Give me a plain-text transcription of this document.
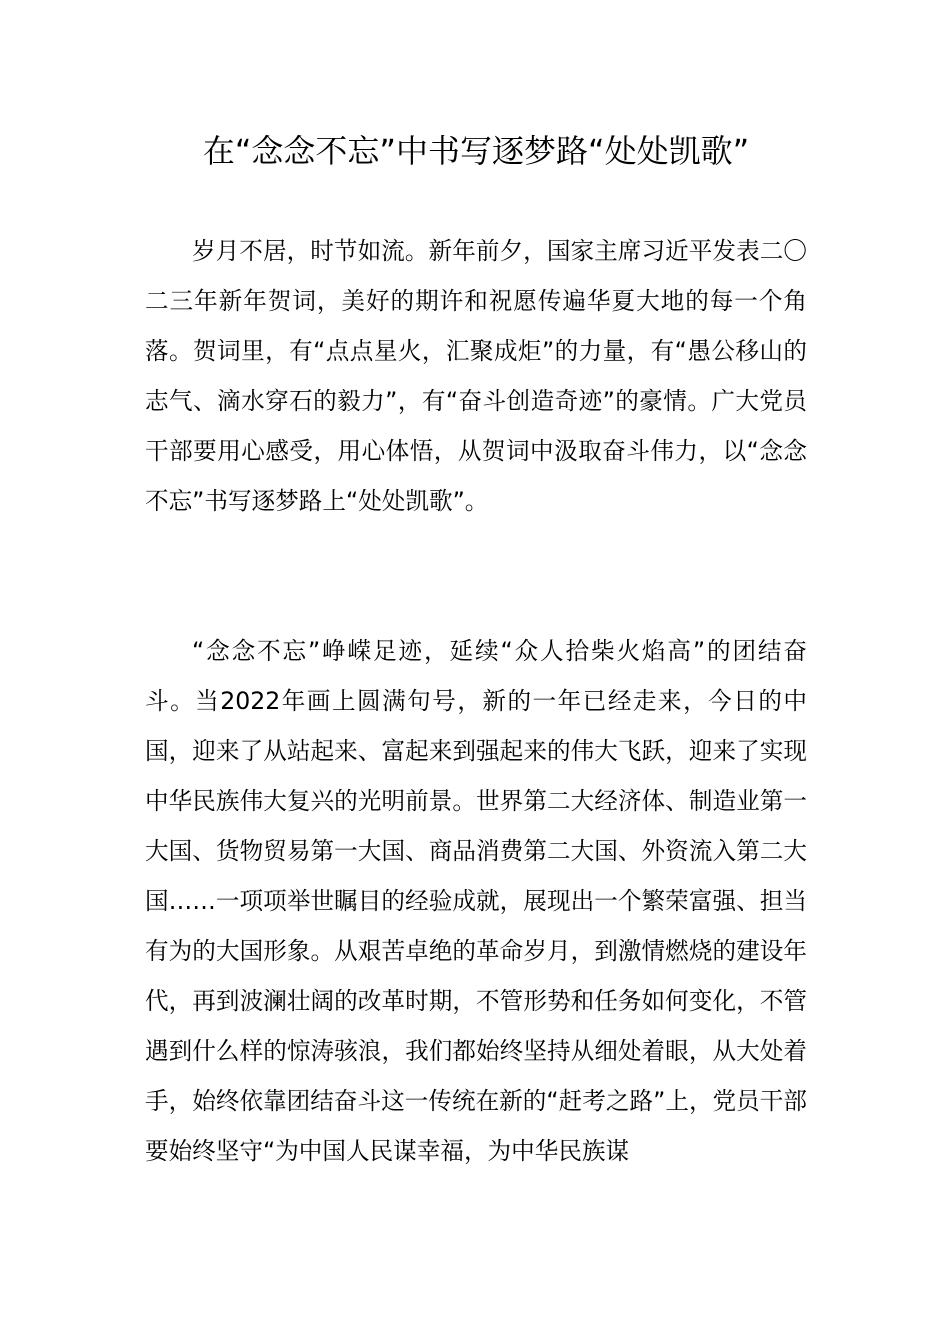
在“念念不忘”中书写逐梦路“处处凯歌”

岁月不居，时节如流。新年前夕，国家主席习近平发表二〇二三年新年贺词，美好的期许和祝愿传遍华夏大地的每一个角落。贺词里，有“点点星火，汇聚成炬”的力量，有“愚公移山的志气、滴水穿石的毅力”，有“奋斗创造奇迹”的豪情。广大党员干部要用心感受，用心体悟，从贺词中汲取奋斗伟力，以“念念不忘”书写逐梦路上“处处凯歌”。

“念念不忘”峥嵘足迹，延续“众人拾柴火焰高”的团结奋斗。当2022年画上圆满句号，新的一年已经走来，今日的中国，迎来了从站起来、富起来到强起来的伟大飞跃，迎来了实现中华民族伟大复兴的光明前景。世界第二大经济体、制造业第一大国、货物贸易第一大国、商品消费第二大国、外资流入第二大国……一项项举世瞩目的经验成就，展现出一个繁荣富强、担当有为的大国形象。从艰苦卓绝的革命岁月，到激情燃烧的建设年代，再到波澜壮阔的改革时期，不管形势和任务如何变化，不管遇到什么样的惊涛骇浪，我们都始终坚持从细处着眼，从大处着手，始终依靠团结奋斗这一传统在新的“赶考之路”上，党员干部要始终坚守“为中国人民谋幸福，为中华民族谋
